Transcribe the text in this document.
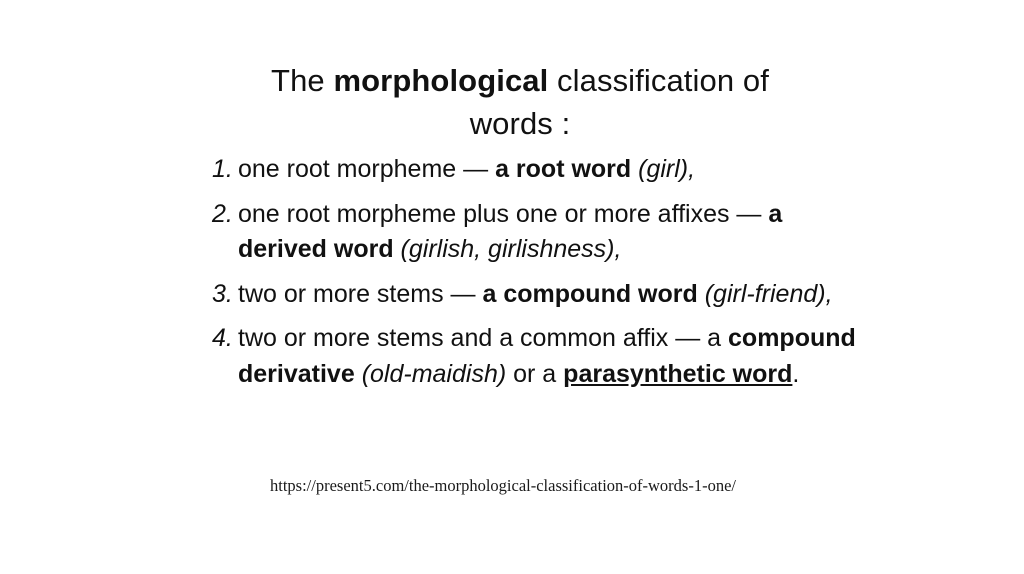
The morphological classification of
words :
1. one root morpheme — a root word (girl),
2. one root morpheme plus one or more affixes — a derived word (girlish, girlishness),
3. two or more stems — a compound word (girl-friend),
4. two or more stems and a common affix — a compound derivative (old-maidish) or a parasynthetic word.
https://present5.com/the-morphological-classification-of-words-1-one/
